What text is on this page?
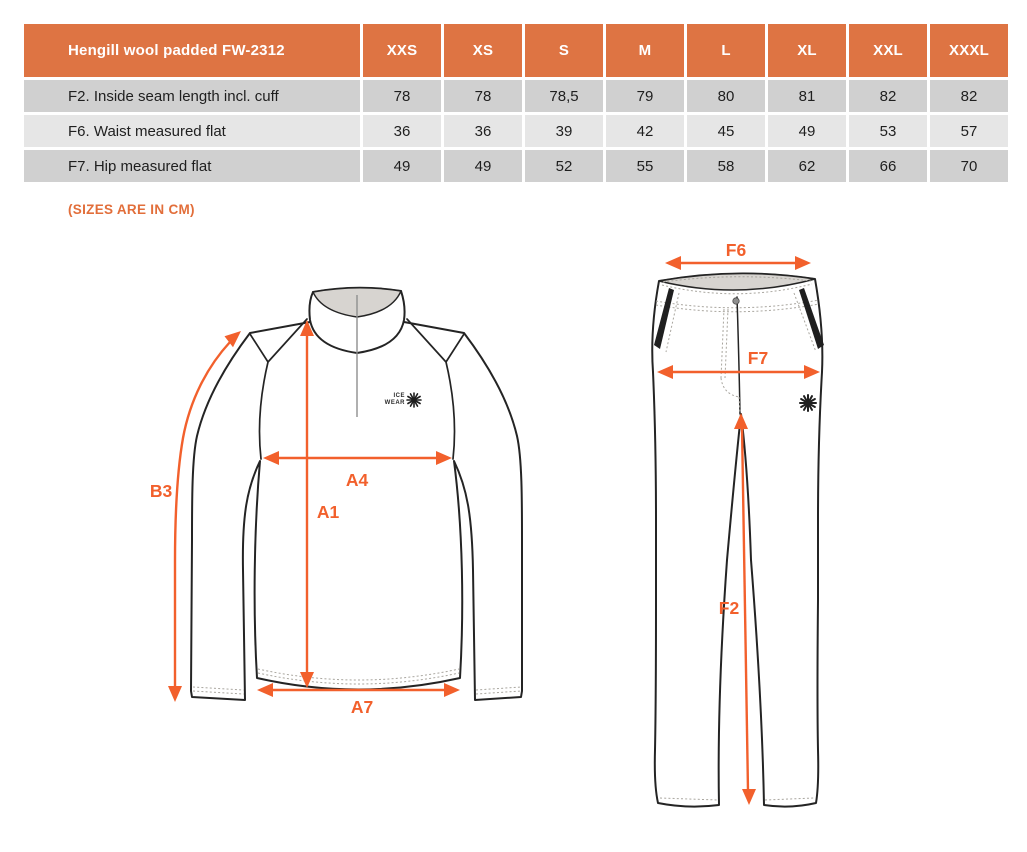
Hengill wool padded FW-2312	XXS	XS	S	M	L	XL	XXL	XXXL
F2. Inside seam length incl. cuff	78	78	78,5	79	80	81	82	82
F6. Waist measured flat	36	36	39	42	45	49	53	57
F7. Hip measured flat	49	49	52	55	58	62	66	70
(SIZES ARE IN CM)
ICE
WEAR
A1
A4
A7
B3
F6
F7
F2
